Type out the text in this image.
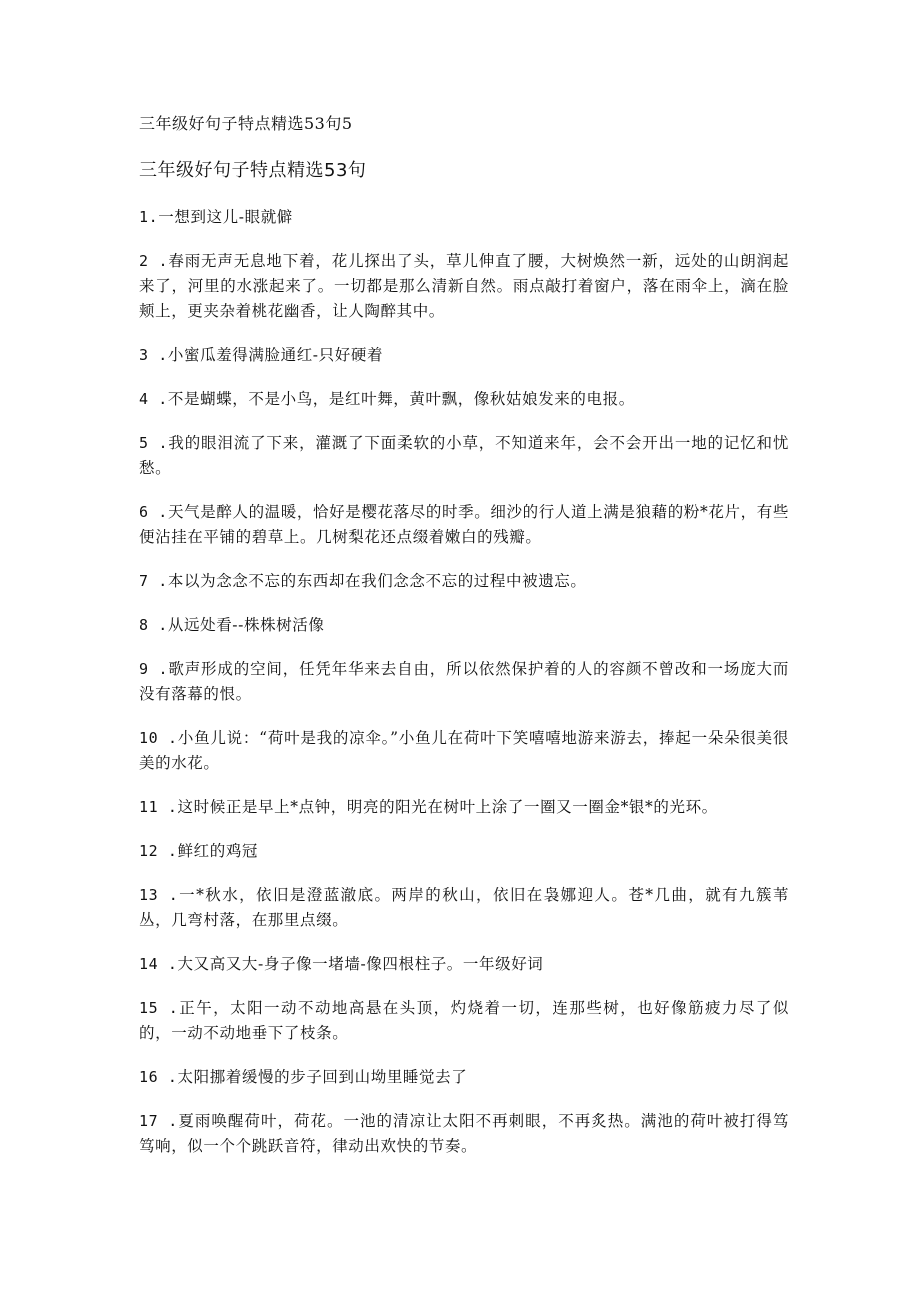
三年级好句子特点精选53句5
三年级好句子特点精选53句
1.一想到这儿-眼就僻
2 .春雨无声无息地下着，花儿探出了头，草儿伸直了腰，大树焕然一新，远处的山朗润起来了，河里的水涨起来了。一切都是那么清新自然。雨点敲打着窗户，落在雨伞上，滴在脸颊上，更夹杂着桃花幽香，让人陶醉其中。
3 .小蜜瓜羞得满脸通红-只好硬着
4 .不是蝴蝶，不是小鸟，是红叶舞，黄叶飘，像秋姑娘发来的电报。
5 .我的眼泪流了下来，灌溉了下面柔软的小草，不知道来年，会不会开出一地的记忆和忧愁。
6 .天气是醉人的温暖，恰好是樱花落尽的时季。细沙的行人道上满是狼藉的粉*花片，有些便沾挂在平铺的碧草上。几树梨花还点缀着嫩白的残瓣。
7 .本以为念念不忘的东西却在我们念念不忘的过程中被遗忘。
8 .从远处看--株株树活像
9 .歌声形成的空间，任凭年华来去自由，所以依然保护着的人的容颜不曾改和一场庞大而没有落幕的恨。
10 .小鱼儿说：“荷叶是我的凉伞。”小鱼儿在荷叶下笑嘻嘻地游来游去，捧起一朵朵很美很美的水花。
11 .这时候正是早上*点钟，明亮的阳光在树叶上涂了一圈又一圈金*银*的光环。
12 .鲜红的鸡冠
13 .一*秋水，依旧是澄蓝澈底。两岸的秋山，依旧在袅娜迎人。苍*几曲，就有九簇苇丛，几弯村落，在那里点缀。
14 .大又高又大-身子像一堵墙-像四根柱子。一年级好词
15 .正午，太阳一动不动地高悬在头顶，灼烧着一切，连那些树，也好像筋疲力尽了似的，一动不动地垂下了枝条。
16 .太阳挪着缓慢的步子回到山坳里睡觉去了
17 .夏雨唤醒荷叶，荷花。一池的清凉让太阳不再刺眼，不再炙热。满池的荷叶被打得笃笃响，似一个个跳跃音符，律动出欢快的节奏。
